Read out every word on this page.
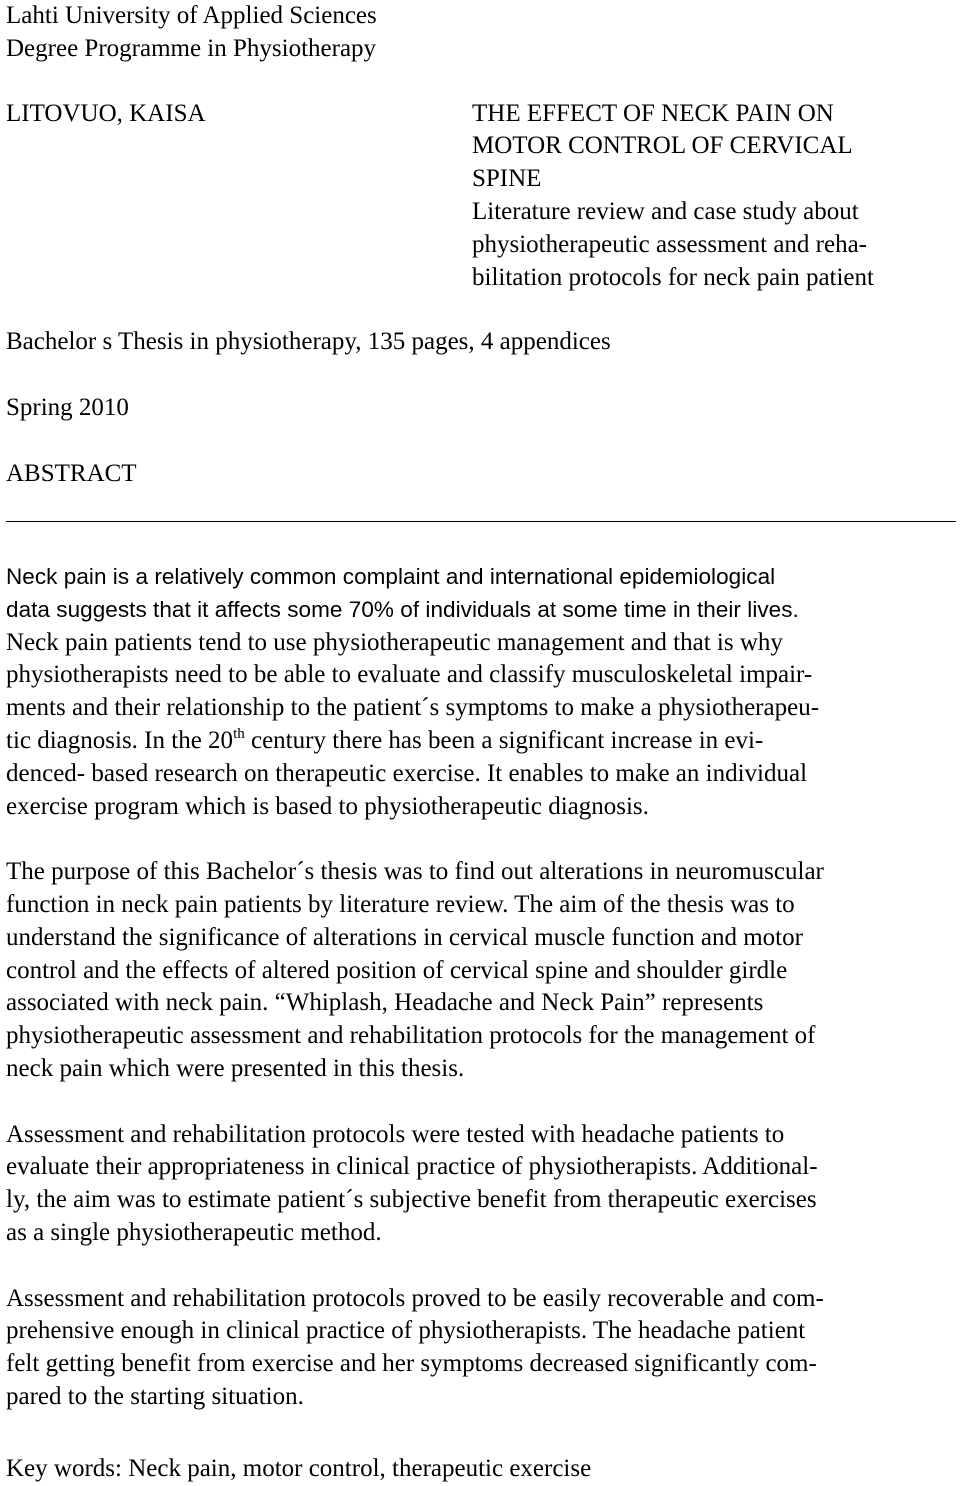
Lahti University of Applied Sciences
Degree Programme in Physiotherapy
LITOVUO, KAISA	THE EFFECT OF NECK PAIN ON
MOTOR CONTROL OF CERVICAL
SPINE
Literature review and case study about
physiotherapeutic assessment and reha-
bilitation protocols for neck pain patient
Bachelor s Thesis in physiotherapy, 135 pages, 4 appendices
Spring 2010
ABSTRACT
Neck pain is a relatively common complaint and international epidemiological
data suggests that it affects some 70% of individuals at some time in their lives.
Neck pain patients tend to use physiotherapeutic management and that is why
physiotherapists need to be able to evaluate and classify musculoskeletal impair-
ments and their relationship to the patient´s symptoms to make a physiotherapeu-
tic diagnosis. In the 20th century there has been a significant increase in evi-
denced- based research on therapeutic exercise. It enables to make an individual
exercise program which is based to physiotherapeutic diagnosis.
The purpose of this Bachelor´s thesis was to find out alterations in neuromuscular
function in neck pain patients by literature review. The aim of the thesis was to
understand the significance of alterations in cervical muscle function and motor
control and the effects of altered position of cervical spine and shoulder girdle
associated with neck pain. “Whiplash, Headache and Neck Pain” represents
physiotherapeutic assessment and rehabilitation protocols for the management of
neck pain which were presented in this thesis.
Assessment and rehabilitation protocols were tested with headache patients to
evaluate their appropriateness in clinical practice of physiotherapists. Additional-
ly, the aim was to estimate patient´s subjective benefit from therapeutic exercises
as a single physiotherapeutic method.
Assessment and rehabilitation protocols proved to be easily recoverable and com-
prehensive enough in clinical practice of physiotherapists. The headache patient
felt getting benefit from exercise and her symptoms decreased significantly com-
pared to the starting situation.
Key words: Neck pain, motor control, therapeutic exercise
